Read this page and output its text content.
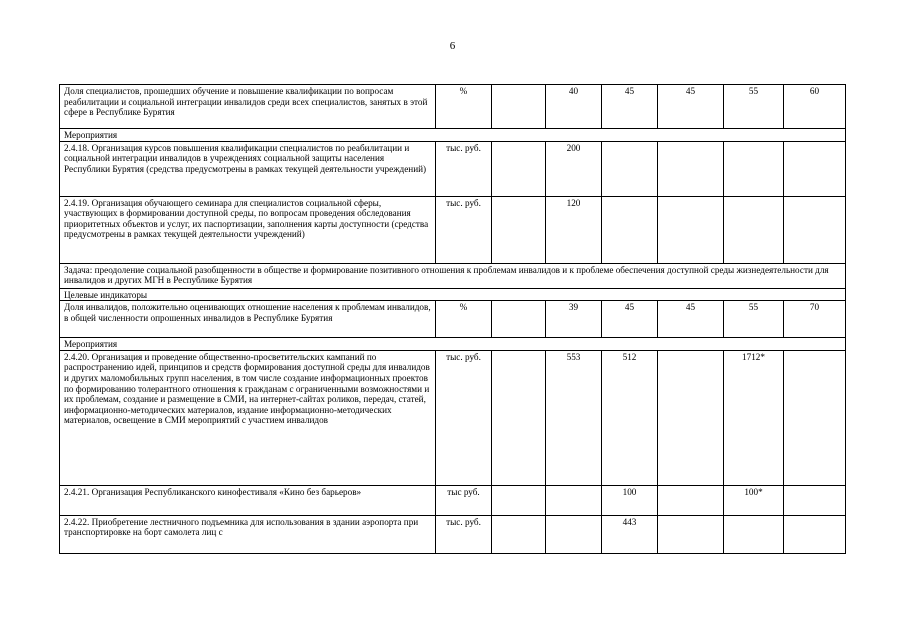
6
Доля специалистов, прошедших обучение и повышение квалификации по вопросам реабилитации и социальной интеграции инвалидов среди всех специалистов, занятых в этой сфере в Республике Бурятия	%		40	45	45	55	60
Мероприятия							
2.4.18. Организация курсов повышения квалификации специалистов по реабилитации и социальной интеграции инвалидов в учреждениях социальной защиты населения Республики Бурятия (средства предусмотрены в рамках текущей деятельности учреждений)	тыс. руб.		200				
2.4.19. Организация обучающего семинара для специалистов социальной сферы, участвующих в формировании доступной среды, по вопросам проведения обследования приоритетных объектов и услуг, их паспортизации, заполнения карты доступности (средства предусмотрены в рамках текущей деятельности учреждений)	тыс. руб.		120				
Задача: преодоление социальной разобщенности в обществе и формирование позитивного отношения к проблемам инвалидов и к проблеме обеспечения доступной среды жизнедеятельности для инвалидов и других МГН в Республике Бурятия							
Целевые индикаторы							
Доля инвалидов, положительно оценивающих отношение населения к проблемам инвалидов, в общей численности опрошенных инвалидов в Республике Бурятия	%		39	45	45	55	70
Мероприятия							
2.4.20. Организация и проведение общественно-просветительских кампаний по распространению идей, принципов и средств формирования доступной среды для инвалидов и других маломобильных групп населения, в том числе создание информационных проектов по формированию толерантного отношения к гражданам с ограниченными возможностями и их проблемам, создание и размещение в СМИ, на интернет-сайтах роликов, передач, статей, информационно-методических материалов, издание информационно-методических материалов, освещение в СМИ мероприятий с участием инвалидов	тыс. руб.		553	512		1712*	
2.4.21. Организация Республиканского кинофестиваля «Кино без барьеров»	тыс руб.			100		100*	
2.4.22. Приобретение лестничного подъемника для использования в здании аэропорта при транспортировке на борт самолета лиц с	тыс. руб.			443			
